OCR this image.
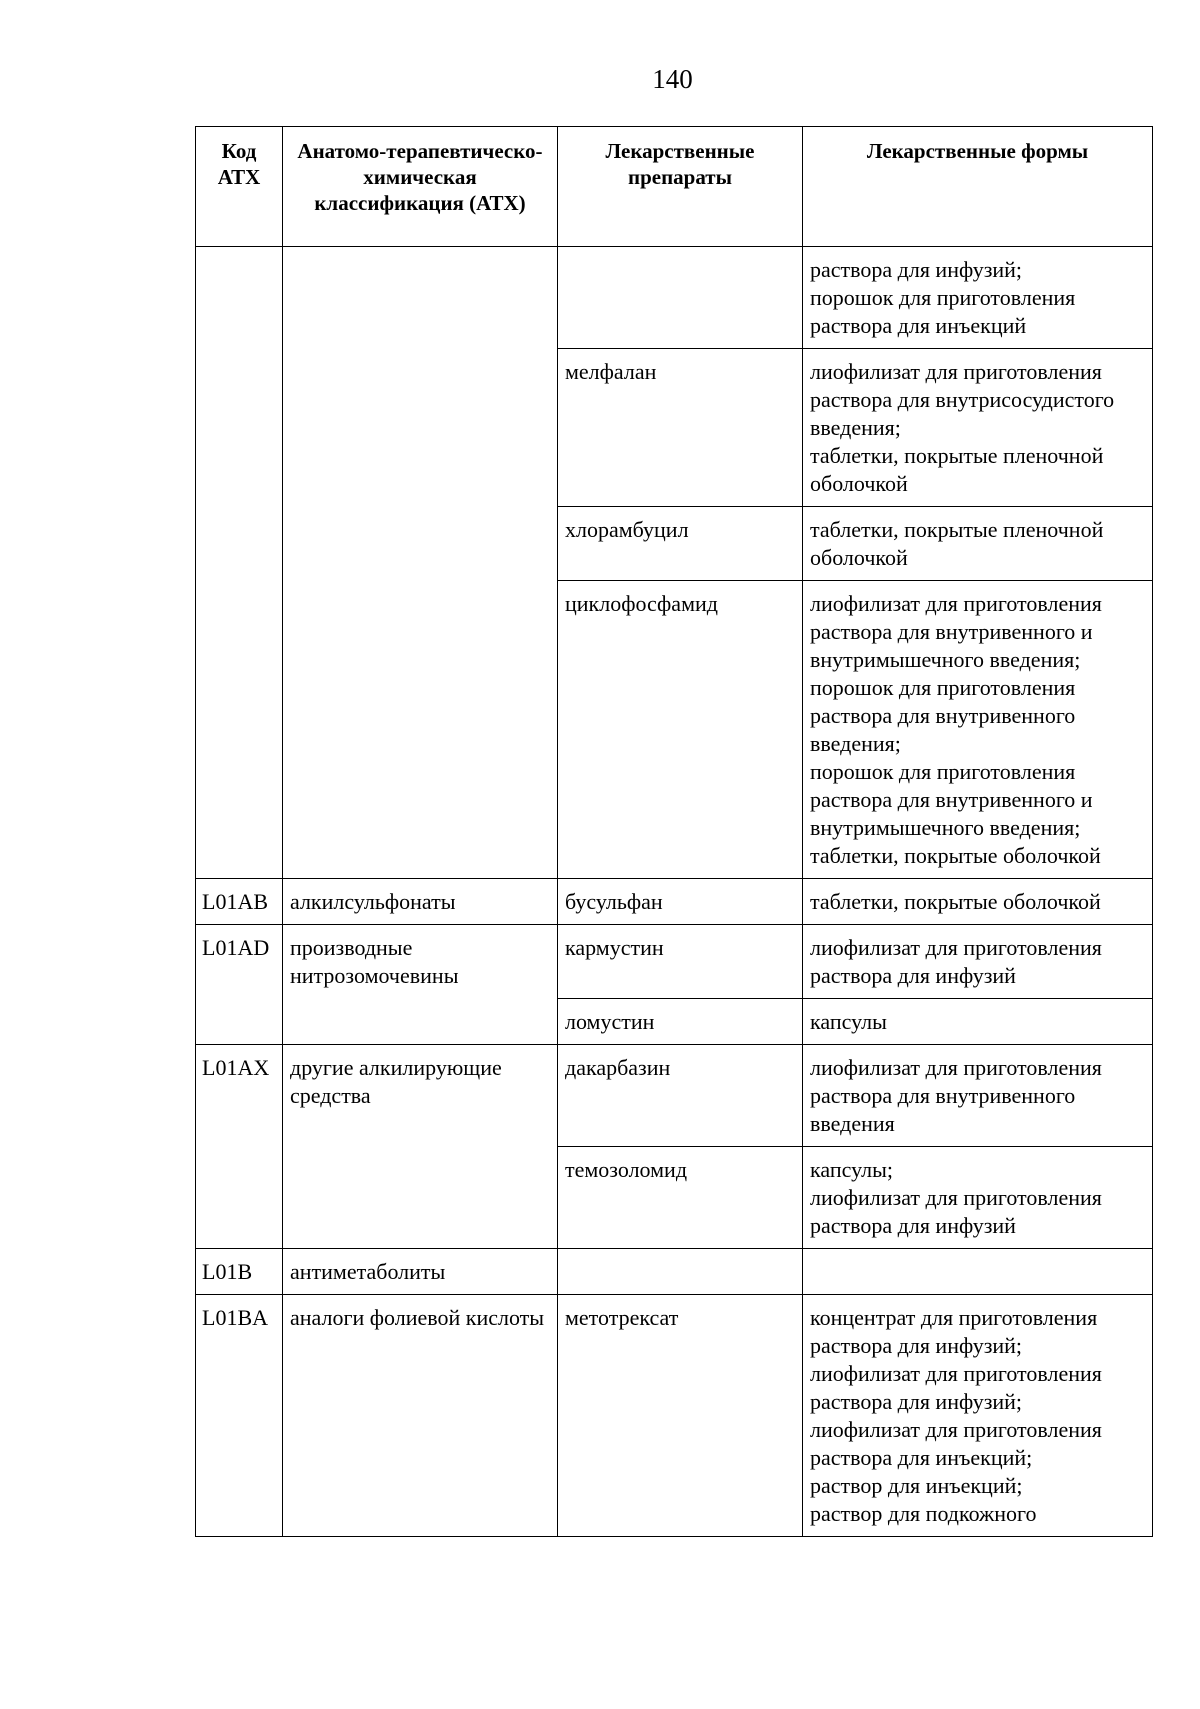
140
Код АТХ	Анатомо-терапевтическо-химическая классификация (АТХ)	Лекарственные препараты	Лекарственные формы

			раствора для инфузий;
порошок для приготовления раствора для инъекций

		мелфалан	лиофилизат для приготовления раствора для внутрисосудистого введения;
таблетки, покрытые пленочной оболочкой

		хлорамбуцил	таблетки, покрытые пленочной оболочкой

		циклофосфамид	лиофилизат для приготовления раствора для внутривенного и внутримышечного введения;
порошок для приготовления раствора для внутривенного введения;
порошок для приготовления раствора для внутривенного и внутримышечного введения;
таблетки, покрытые оболочкой

L01AB	алкилсульфонаты	бусульфан	таблетки, покрытые оболочкой

L01AD	производные нитрозомочевины	кармустин	лиофилизат для приготовления раствора для инфузий

		ломустин	капсулы

L01AX	другие алкилирующие средства	дакарбазин	лиофилизат для приготовления раствора для внутривенного введения

		темозоломид	капсулы;
лиофилизат для приготовления раствора для инфузий

L01B	антиметаболиты		
L01BA	аналоги фолиевой кислоты	метотрексат	концентрат для приготовления раствора для инфузий;
лиофилизат для приготовления раствора для инфузий;
лиофилизат для приготовления раствора для инъекций;
раствор для инъекций;
раствор для подкожного
